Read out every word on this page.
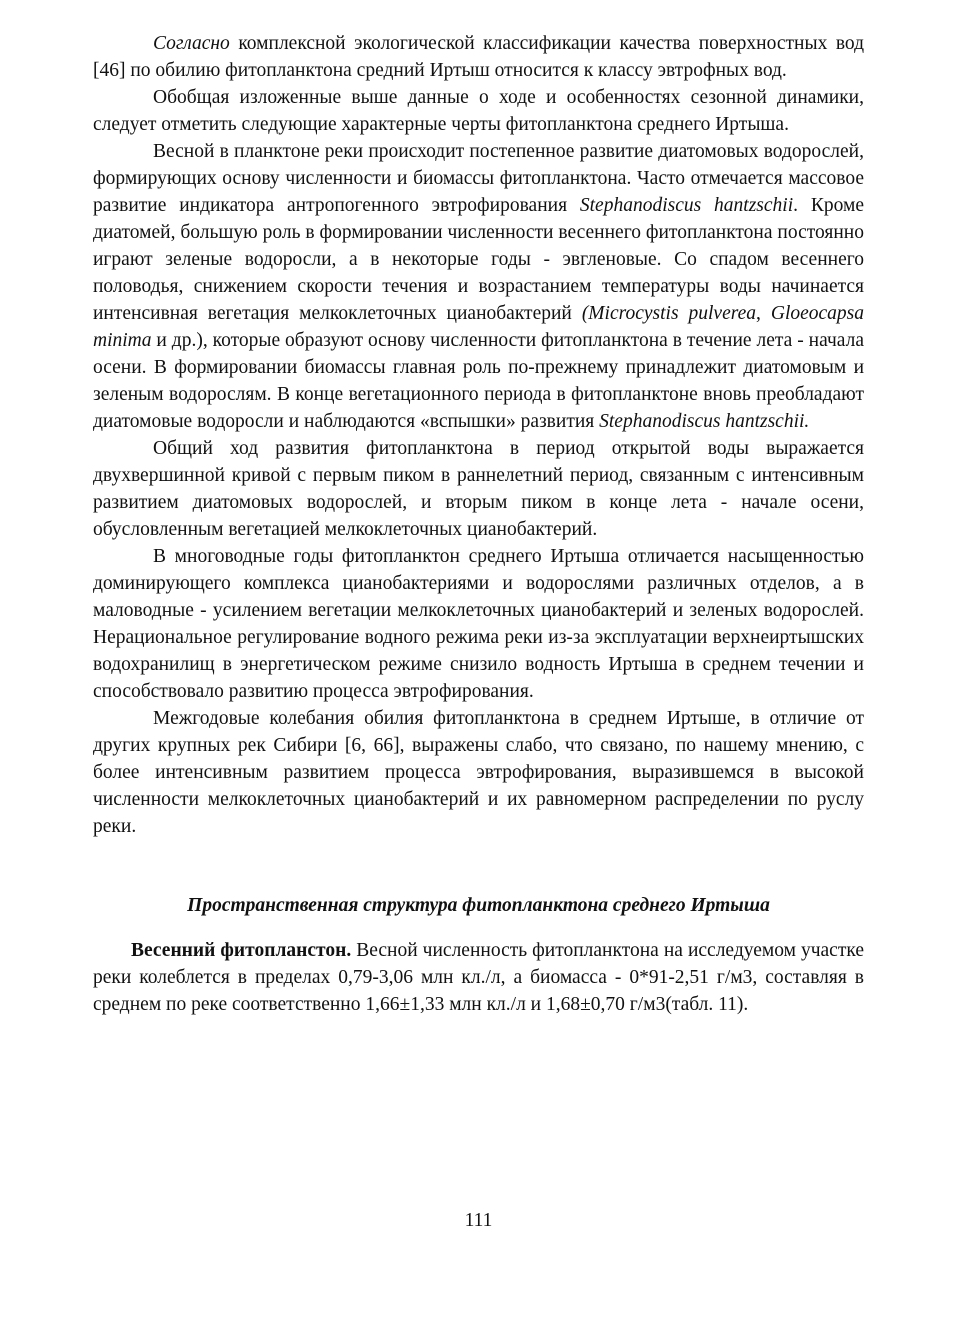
Согласно комплексной экологической классификации качества поверхностных вод [46] по обилию фитопланктона средний Иртыш относится к классу эвтрофных вод.

Обобщая изложенные выше данные о ходе и особенностях сезонной динамики, следует отметить следующие характерные черты фитопланктона среднего Иртыша.

Весной в планктоне реки происходит постепенное развитие диатомовых водорослей, формирующих основу численности и биомассы фитопланктона. Часто отмечается массовое развитие индикатора антропогенного эвтрофирования Stephanodiscus hantzschii. Кроме диатомей, большую роль в формировании численности весеннего фитопланктона постоянно играют зеленые водоросли, а в некоторые годы - эвгленовые. Со спадом весеннего половодья, снижением скорости течения и возрастанием температуры воды начинается интенсивная вегетация мелкоклеточных цианобактерий (Microcystis pulverea, Gloeocapsa minima и др.), которые образуют основу численности фитопланктона в течение лета - начала осени. В формировании биомассы главная роль по-прежнему принадлежит диатомовым и зеленым водорослям. В конце вегетационного периода в фитопланктоне вновь преобладают диатомовые водоросли и наблюдаются «вспышки» развития Stephanodiscus hantzschii.

Общий ход развития фитопланктона в период открытой воды выражается двухвершинной кривой с первым пиком в раннелетний период, связанным с интенсивным развитием диатомовых водорослей, и вторым пиком в конце лета - начале осени, обусловленным вегетацией мелкоклеточных цианобактерий.

В многоводные годы фитопланктон среднего Иртыша отличается насыщенностью доминирующего комплекса цианобактериями и водорослями различных отделов, а в маловодные - усилением вегетации мелкоклеточных цианобактерий и зеленых водорослей. Нерациональное регулирование водного режима реки из-за эксплуатации верхнеиртышских водохранилищ в энергетическом режиме снизило водность Иртыша в среднем течении и способствовало развитию процесса эвтрофирования.

Межгодовые колебания обилия фитопланктона в среднем Иртыше, в отличие от других крупных рек Сибири [6, 66], выражены слабо, что связано, по нашему мнению, с более интенсивным развитием процесса эвтрофирования, выразившемся в высокой численности мелкоклеточных цианобактерий и их равномерном распределении по руслу реки.

Пространственная структура фитопланктона среднего Иртыша

Весенний фитопланстон. Весной численность фитопланктона на исследуемом участке реки колеблется в пределах 0,79-3,06 млн кл./л, а биомасса - 0*91-2,51 г/м3, составляя в среднем по реке соответственно 1,66±1,33 млн кл./л и 1,68±0,70 г/м3(табл. 11).

111
